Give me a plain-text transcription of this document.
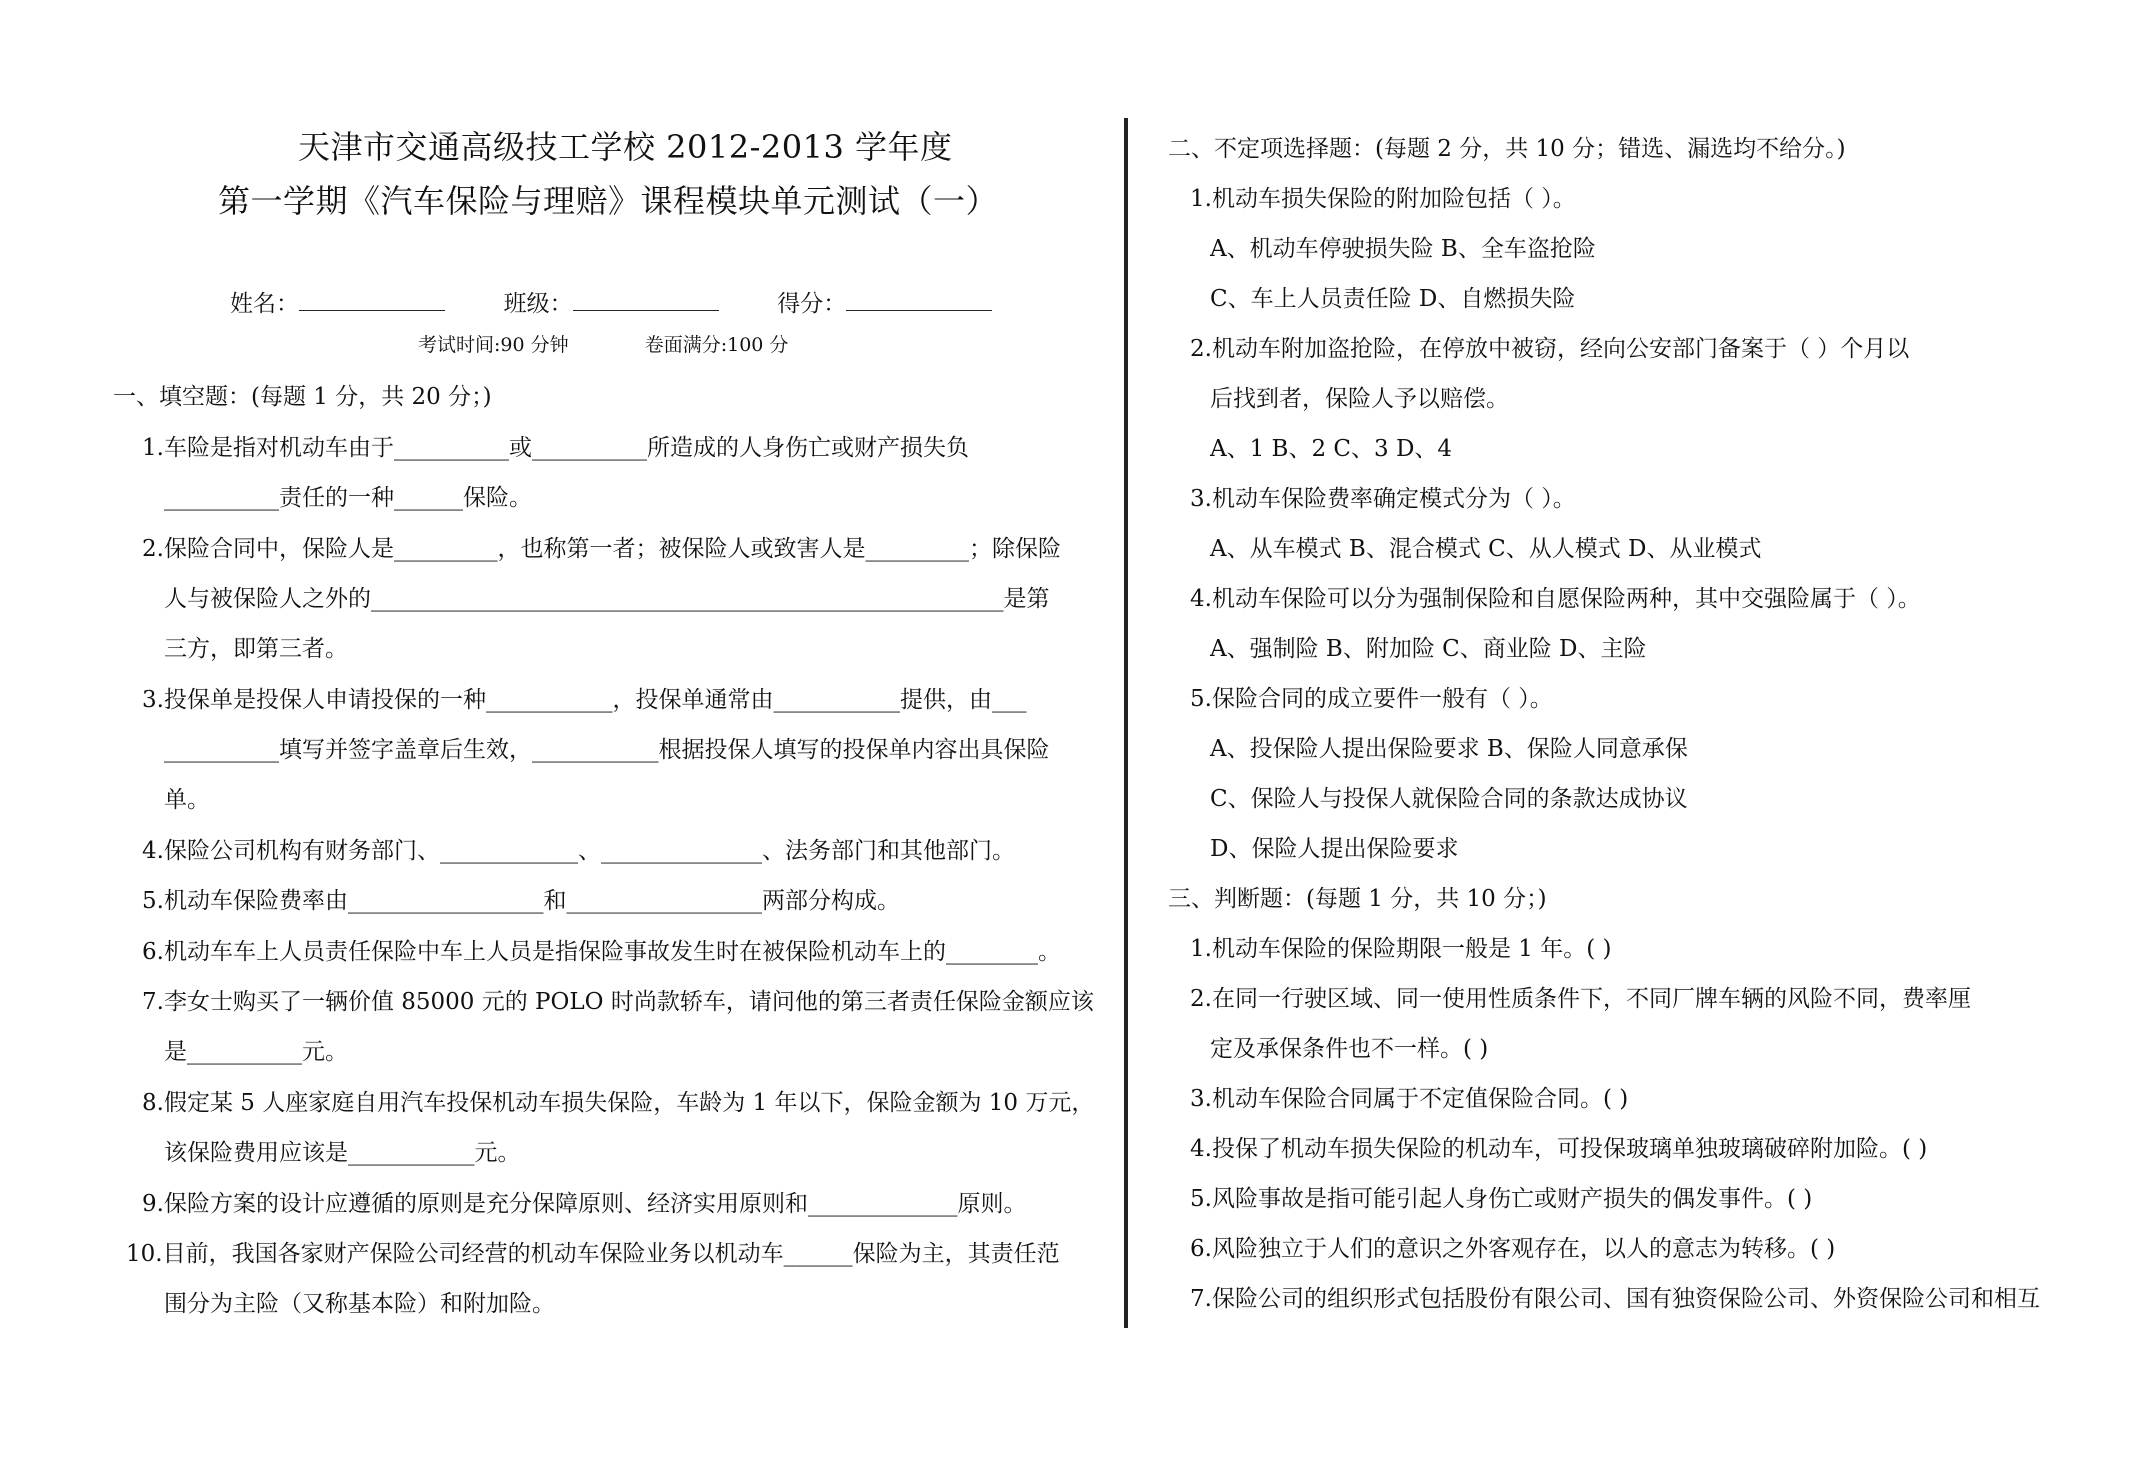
天津市交通高级技工学校 2012-2013 学年度
第一学期《汽车保险与理赔》课程模块单元测试（一）
姓名：	班级：	得分：
考试时间:90 分钟	卷面满分:100 分
一、填空题：(每题 1 分，共 20 分；)
1.车险是指对机动车由于__________或__________所造成的人身伤亡或财产损失负
__________责任的一种______保险。
2.保险合同中，保险人是_________，也称第一者；被保险人或致害人是_________；除保险
人与被保险人之外的_______________________________________________________是第
三方，即第三者。
3.投保单是投保人申请投保的一种___________，投保单通常由___________提供，由___
__________填写并签字盖章后生效，___________根据投保人填写的投保单内容出具保险
单。
4.保险公司机构有财务部门、____________、______________、法务部门和其他部门。
5.机动车保险费率由_________________和_________________两部分构成。
6.机动车车上人员责任保险中车上人员是指保险事故发生时在被保险机动车上的________。
7.李女士购买了一辆价值 85000 元的 POLO 时尚款轿车，请问他的第三者责任保险金额应该
是__________元。
8.假定某 5 人座家庭自用汽车投保机动车损失保险，车龄为 1 年以下，保险金额为 10 万元，
该保险费用应该是___________元。
9.保险方案的设计应遵循的原则是充分保障原则、经济实用原则和_____________原则。
10.目前，我国各家财产保险公司经营的机动车保险业务以机动车______保险为主，其责任范
围分为主险（又称基本险）和附加险。
二、不定项选择题：(每题 2 分，共 10 分；错选、漏选均不给分。)
1.机动车损失保险的附加险包括（ ）。
A、机动车停驶损失险 B、全车盗抢险
C、车上人员责任险 D、自燃损失险
2.机动车附加盗抢险，在停放中被窃，经向公安部门备案于（ ）个月以
后找到者，保险人予以赔偿。
A、1 B、2 C、3 D、4
3.机动车保险费率确定模式分为（ ）。
A、从车模式 B、混合模式 C、从人模式 D、从业模式
4.机动车保险可以分为强制保险和自愿保险两种，其中交强险属于（ ）。
A、强制险 B、附加险 C、商业险 D、主险
5.保险合同的成立要件一般有（ ）。
A、投保险人提出保险要求 B、保险人同意承保
C、保险人与投保人就保险合同的条款达成协议
D、保险人提出保险要求
三、判断题：(每题 1 分，共 10 分；)
1.机动车保险的保险期限一般是 1 年。( )
2.在同一行驶区域、同一使用性质条件下，不同厂牌车辆的风险不同，费率厘
定及承保条件也不一样。( )
3.机动车保险合同属于不定值保险合同。( )
4.投保了机动车损失保险的机动车，可投保玻璃单独玻璃破碎附加险。( )
5.风险事故是指可能引起人身伤亡或财产损失的偶发事件。( )
6.风险独立于人们的意识之外客观存在，以人的意志为转移。( )
7.保险公司的组织形式包括股份有限公司、国有独资保险公司、外资保险公司和相互
